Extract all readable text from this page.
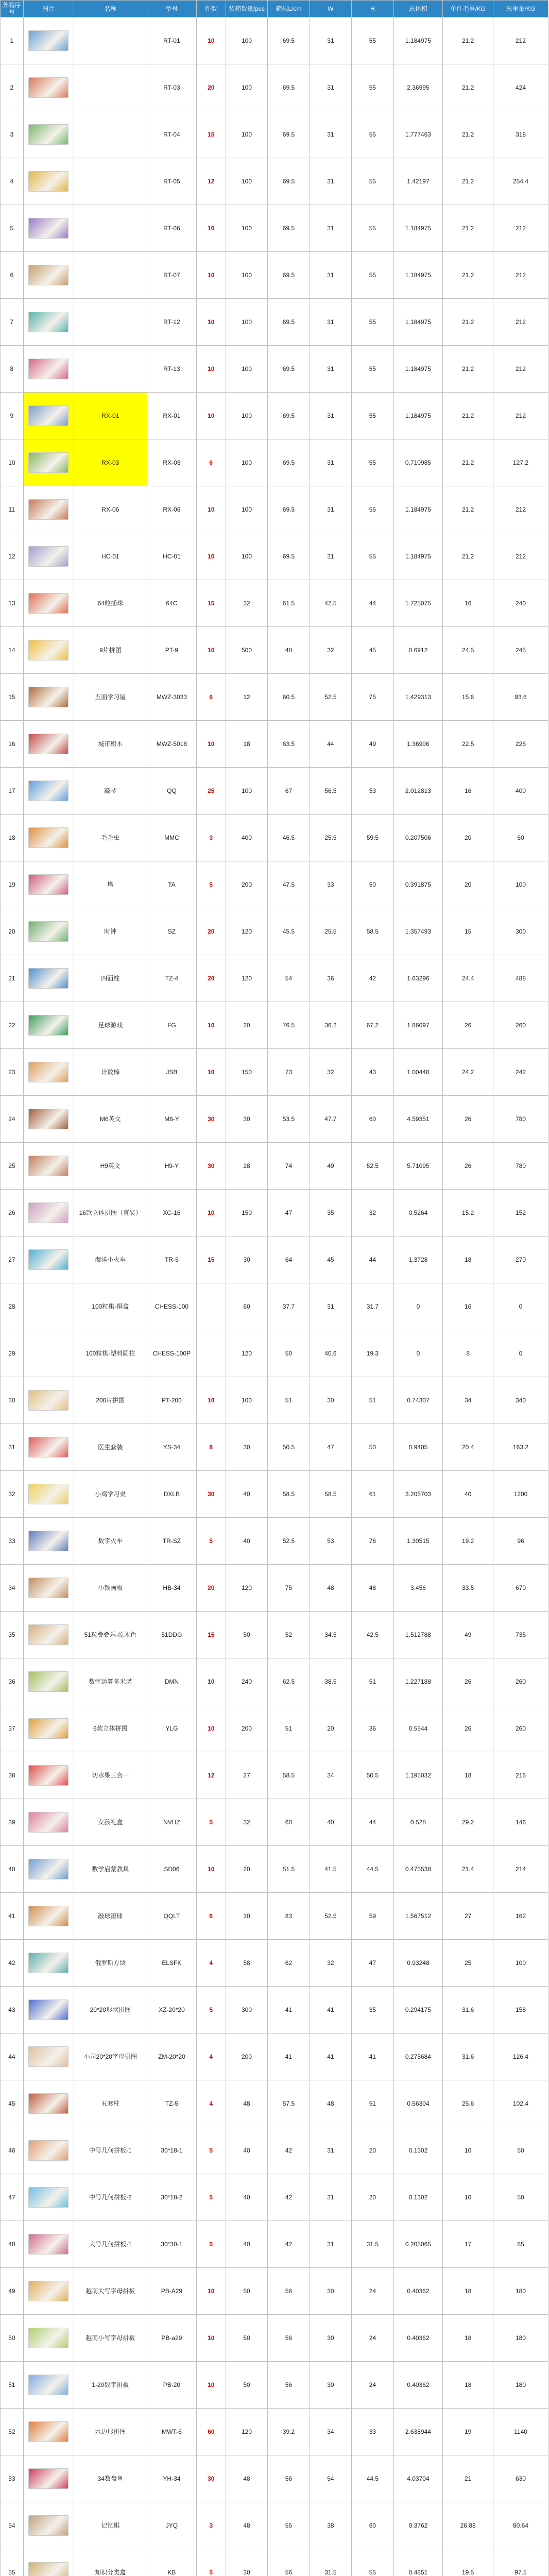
外箱序号	图片	名称	型号	件数	装箱数量/pcs	箱规L/cm	W	H	总体积	单件毛重/KG	总重量/KG
1			RT-01	10	100	69.5	31	55	1.184975	21.2	212
2			RT-03	20	100	69.5	31	55	2.36995	21.2	424
3			RT-04	15	100	69.5	31	55	1.777463	21.2	318
4			RT-05	12	100	69.5	31	55	1.42197	21.2	254.4
5			RT-06	10	100	69.5	31	55	1.184975	21.2	212
6			RT-07	10	100	69.5	31	55	1.184975	21.2	212
7			RT-12	10	100	69.5	31	55	1.184975	21.2	212
8			RT-13	10	100	69.5	31	55	1.184975	21.2	212
9		RX-01	RX-01	10	100	69.5	31	55	1.184975	21.2	212
10		RX-03	RX-03	6	100	69.5	31	55	0.710985	21.2	127.2
11		RX-06	RX-06	10	100	69.5	31	55	1.184975	21.2	212
12		HC-01	HC-01	10	100	69.5	31	55	1.184975	21.2	212
13		64粒插珠	64C	15	32	61.5	42.5	44	1.725075	16	240
14		9片拼图	PT-9	10	500	48	32	45	0.6912	24.5	245
15		五面学习屋	MWZ-3033	6	12	60.5	52.5	75	1.429313	15.6	93.6
16		城市积木	MWZ-5018	10	18	63.5	44	49	1.36906	22.5	225
17		敲琴	QQ	25	100	67	56.5	53	2.012813	16	400
18		毛毛虫	MMC	3	400	46.5	25.5	59.5	0.207506	20	60
19		塔	TA	5	200	47.5	33	50	0.391875	20	100
20		时钟	SZ	20	120	45.5	25.5	58.5	1.357493	15	300
21		四面柱	TZ-4	20	120	54	36	42	1.63296	24.4	488
22		足球游戏	FG	10	20	76.5	36.2	67.2	1.86097	26	260
23		计数棒	JSB	10	150	73	32	43	1.00448	24.2	242
24		M6英文	M6-Y	30	30	53.5	47.7	60	4.59351	26	780
25		H9英文	H9-Y	30	28	74	49	52.5	5.71095	26	780
26		16款立体拼图（直装）	XC-16	10	150	47	35	32	0.5264	15.2	152
27		海洋小火车	TR-5	15	30	64	45	44	1.3728	18	270
28		100粒棋-桐盒	CHESS-100		60	37.7	31	31.7	0	16	0
29		100粒棋-塑料圆柱	CHESS-100P		120	50	40.6	19.3	0	8	0
30		200片拼图	PT-200	10	100	51	30	51	0.74307	34	340
31		医生套装	YS-34	8	30	50.5	47	50	0.9405	20.4	163.2
32		小鸡学习桌	DXLB	30	40	58.5	58.5	61	3.205703	40	1200
33		数字火车	TR-SZ	5	40	52.5	53	76	1.30515	19.2	96
34		小钱画板	HB-34	20	120	75	48	48	3.456	33.5	670
35		51粒叠叠乐-原木色	51DDG	15	50	52	34.5	42.5	1.512788	49	735
36		数字运算多米诺	DMN	10	240	62.5	38.5	51	1.227188	26	260
37		6款立体拼图	YLG	10	200	51	20	36	0.5544	26	260
38		切水果三合一		12	27	58.5	34	50.5	1.195032	18	216
39		女孩礼盒	NVHZ	5	32	60	40	44	0.528	29.2	146
40		数学启蒙教具	SD06	10	20	51.5	41.5	44.5	0.475538	21.4	214
41		敲球滚球	QQLT	6	30	83	52.5	59	1.567512	27	162
42		俄罗斯方块	ELSFK	4	58	62	32	47	0.93248	25	100
43		20*20形状拼图	XZ-20*20	5	300	41	41	35	0.294175	31.6	158
44		小司20*20字母拼图	ZM-20*20	4	200	41	41	41	0.275684	31.6	126.4
45		五套柱	TZ-5	4	48	57.5	48	51	0.56304	25.6	102.4
46		中号几何拼板-1	30*18-1	5	40	42	31	20	0.1302	10	50
47		中号几何拼板-2	30*18-2	5	40	42	31	20	0.1302	10	50
48		大号几何拼板-1	30*30-1	5	40	42	31	31.5	0.205065	17	85
49		越南大写字母拼板	PB-A29	10	50	56	30	24	0.40362	18	180
50		越南小写字母拼板	PB-a29	10	50	56	30	24	0.40362	18	180
51		1-20数字拼板	PB-20	10	50	56	30	24	0.40362	18	180
52		六边形拼图	MWT-6	60	120	39.2	34	33	2.638944	19	1140
53		34数盘鱼	YH-34	30	48	56	54	44.5	4.03704	21	630
54		记忆棋	JYQ	3	48	55	38	60	0.3762	26.88	80.64
55		知识分类盒	KB	5	30	56	31.5	55	0.4851	19.5	97.5
